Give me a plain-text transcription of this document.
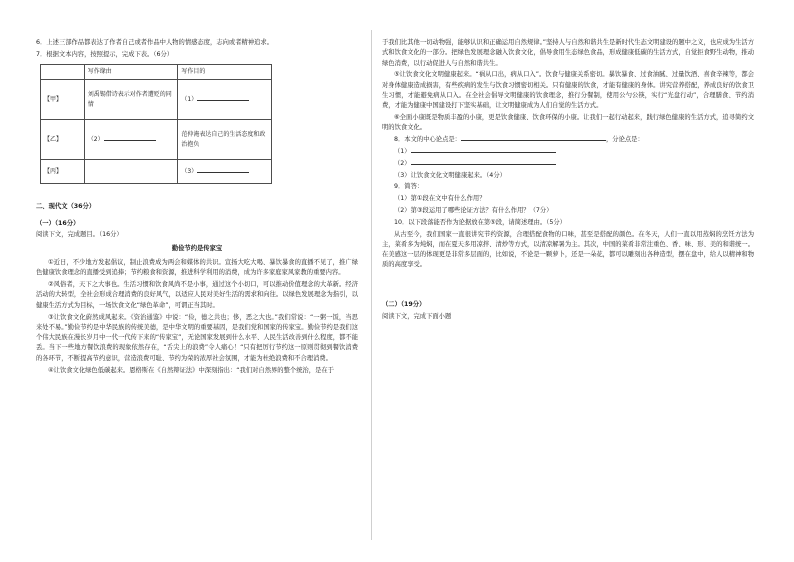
6．上述三部作品都表达了作者自己或者作品中人物的情感态度，志向或者精神追求。

7．根据文本内容，按照提示，完成下表。（6分）

	写作缘由	写作目的
【甲】	刘禹锡借诗表示对作者遭贬的同情	（1）
【乙】	（2）	范仲淹表达自己的生活态度和政治抱负
【丙】		（3）

二、现代文（36分）

（一）（16分）

阅读下文，完成题目。（16分）

勤俭节约是传家宝

①近日，不少地方发起倡议，制止浪费成为两会和媒体的共识。宣扬大吃大喝、暴饮暴食的直播不见了，推广绿色健康饮食理念的直播受到追捧；节约粮食和资源，推进科学利用的消费，成为许多家庭家风家教的重要内容。

②风俗者，天下之大事也。生活习惯和饮食风尚不是小事，通过这个小切口，可以推动价值理念的大革新。经济活动的大转型，全社会形成合理消费的良好风气，以适应人民对美好生活的需求和向往。以绿色发展理念为指引，以健康生活方式为目标，一场饮食文化“绿色革命”，可谓正当其时。

③让饮食文化蔚然成风起来。《资治通鉴》中说：“俭，德之共也；侈，恶之大也。”我们常说：“一粥一饭，当思来处不易。”勤俭节约是中华民族的传统美德，是中华文明的重要基因，是我们党和国家的传家宝。勤俭节约是我们这个伟大民族在漫长岁月中一代一代传下来的“传家宝”，无论国家发展到什么水平、人民生活改善到什么程度，都不能丢。当下一些地方餐饮浪费的现象依然存在，“舌尖上的浪费”令人痛心！“只有把厉行节约这一原则贯彻到餐饮消费的各环节，不断提高节约意识，营造浪费可耻、节约为荣的浓厚社会氛围，才能为杜绝浪费和不合理消费。

④让饮食文化绿色低碳起来。恩格斯在《自然辩证法》中深刻指出：“我们对自然界的整个统治，是在于

于我们比其他一切动物强，能够认识和正确运用自然规律。”坚持人与自然和谐共生是新时代生态文明建设的题中之义，也应成为生活方式和饮食文化的一部分。把绿色发展理念融入饮食文化，倡导食用生态绿色食品，形成健康低碳的生活方式，自觉拒食野生动物，推动绿色消费，以行动促进人与自然和谐共生。

⑤让饮食文化文明健康起来。“祸从口出，病从口入”。饮食与健康关系密切。暴饮暴食、过食油腻、过量饮酒、喜食辛辣等，都会对身体健康造成损害，有些疾病的发生与饮食习惯密切相关。只有健康的饮食，才能有健康的身体。讲究营养搭配，养成良好的饮食卫生习惯，才能避免病从口入。在全社会倡导文明健康的饮食理念，推行分餐制，使用公勺公筷，实行“光盘行动”，合理膳食、节约消费，才能为健康中国建设打下坚实基础，让文明健康成为人们自觉的生活方式。

⑥全面小康既是物质丰盈的小康，更是饮食健康、饮食环保的小康。让我们一起行动起来，践行绿色健康的生活方式，追寻简约文明的饮食文化。

8．本文的中心论点是：	，分论点是：

（1）

（2）

（3）让饮食文化文明健康起来。（4分）

9．简答：

（1）第①段在文中有什么作用？

（2）第③段运用了哪些论证方法？有什么作用？（7分）

10．以下段落能否作为论据放在第⑤段，请简述理由。（5分）

从古至今，我们国家一直很讲究节约资源，合理搭配食物的口味，甚至是搭配的颜色。在冬天，人们一直以用蒸焖的烹饪方法为主，菜肴多为炖焖，而在夏天多用凉拌、清炒等方式，以清凉解暑为主。其次，中国的菜肴非常注重色、香、味、形、美的和谐统一。在美感这一层的体现更是非常多层面的，比如说，不论是一颗萝卜，还是一朵花，都可以雕刻出各种造型，摆在盘中，给人以精神和物质的高度享受。

（二）（19分）

阅读下文，完成下面小题
